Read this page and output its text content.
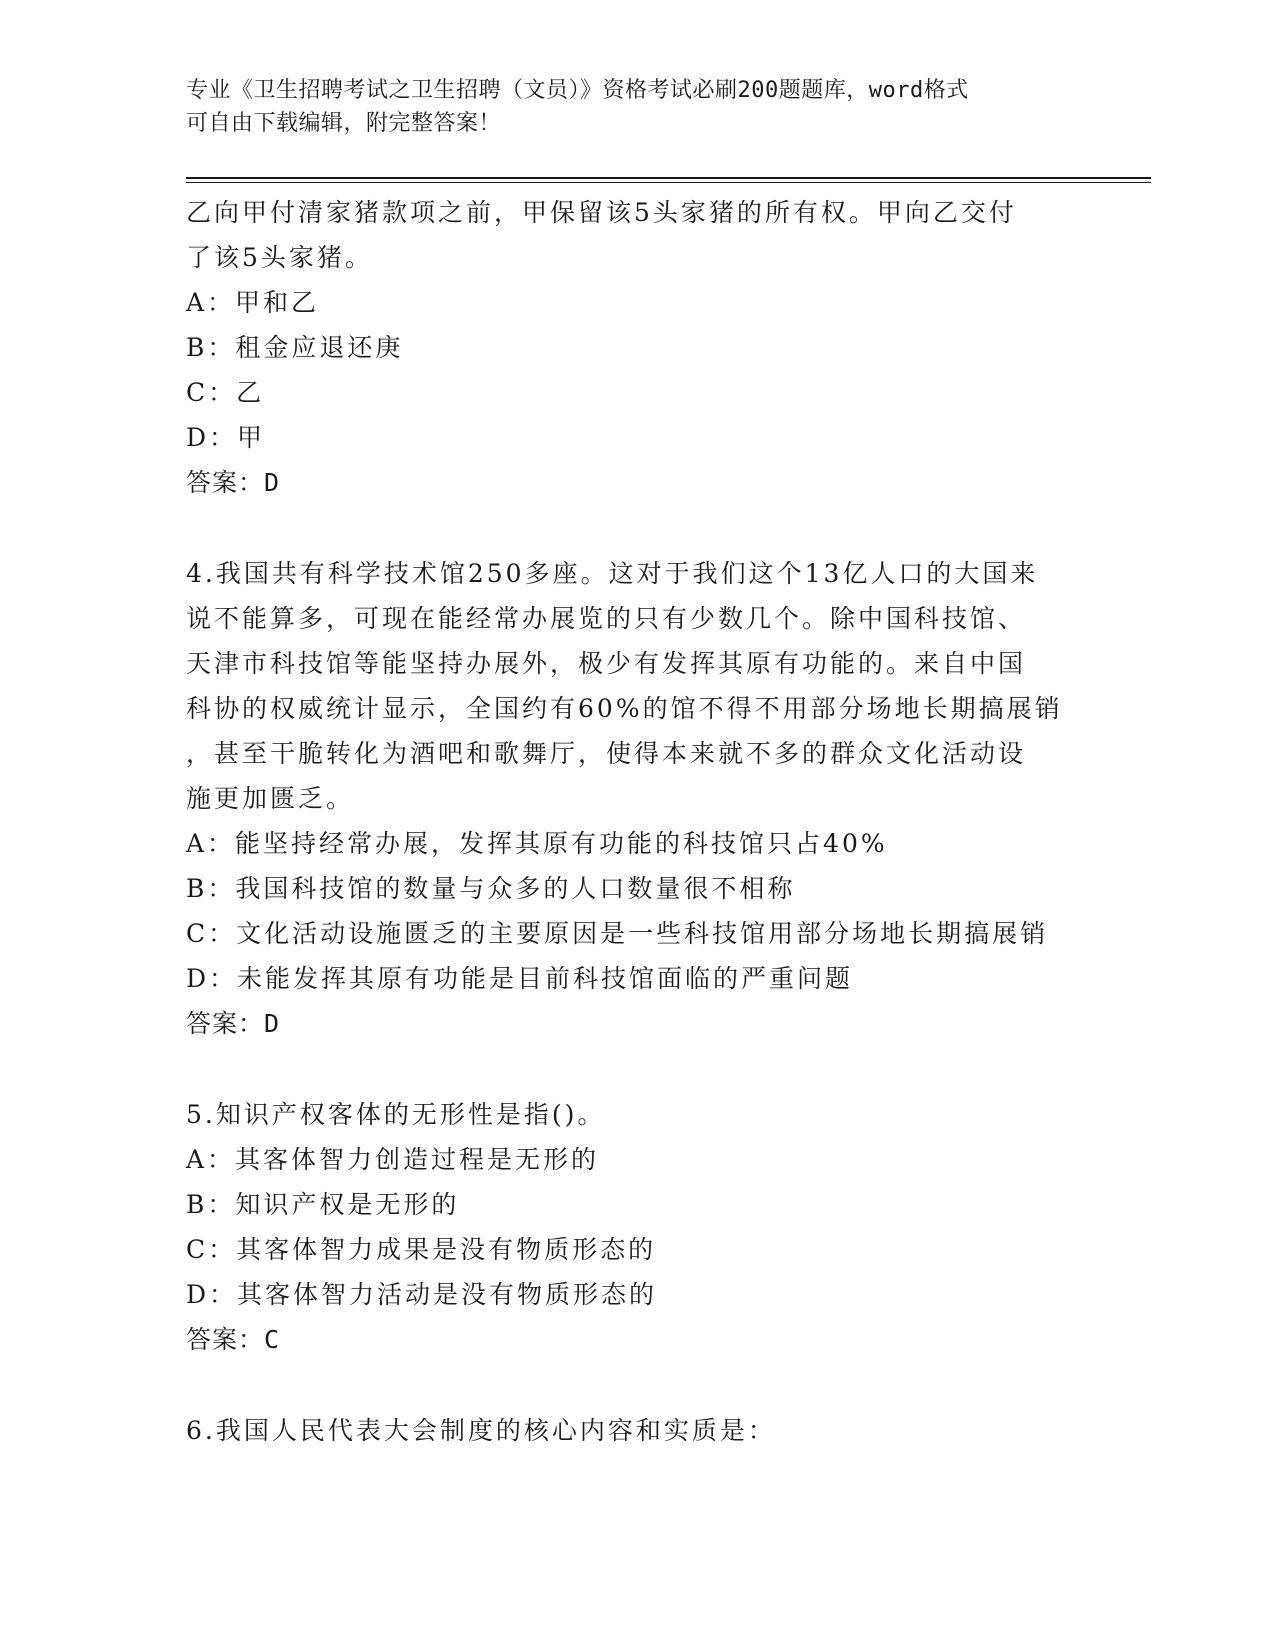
专业《卫生招聘考试之卫生招聘（文员）》资格考试必刷200题题库，word格式
可自由下载编辑，附完整答案！
乙向甲付清家猪款项之前，甲保留该5头家猪的所有权。甲向乙交付
了该5头家猪。
A：甲和乙
B：租金应退还庚
C：乙
D：甲
答案：D
4.我国共有科学技术馆250多座。这对于我们这个13亿人口的大国来
说不能算多，可现在能经常办展览的只有少数几个。除中国科技馆、
天津市科技馆等能坚持办展外，极少有发挥其原有功能的。来自中国
科协的权威统计显示，全国约有60%的馆不得不用部分场地长期搞展销
，甚至干脆转化为酒吧和歌舞厅，使得本来就不多的群众文化活动设
施更加匮乏。
A：能坚持经常办展，发挥其原有功能的科技馆只占40%
B：我国科技馆的数量与众多的人口数量很不相称
C：文化活动设施匮乏的主要原因是一些科技馆用部分场地长期搞展销
D：未能发挥其原有功能是目前科技馆面临的严重问题
答案：D
5.知识产权客体的无形性是指()。
A：其客体智力创造过程是无形的
B：知识产权是无形的
C：其客体智力成果是没有物质形态的
D：其客体智力活动是没有物质形态的
答案：C
6.我国人民代表大会制度的核心内容和实质是：
